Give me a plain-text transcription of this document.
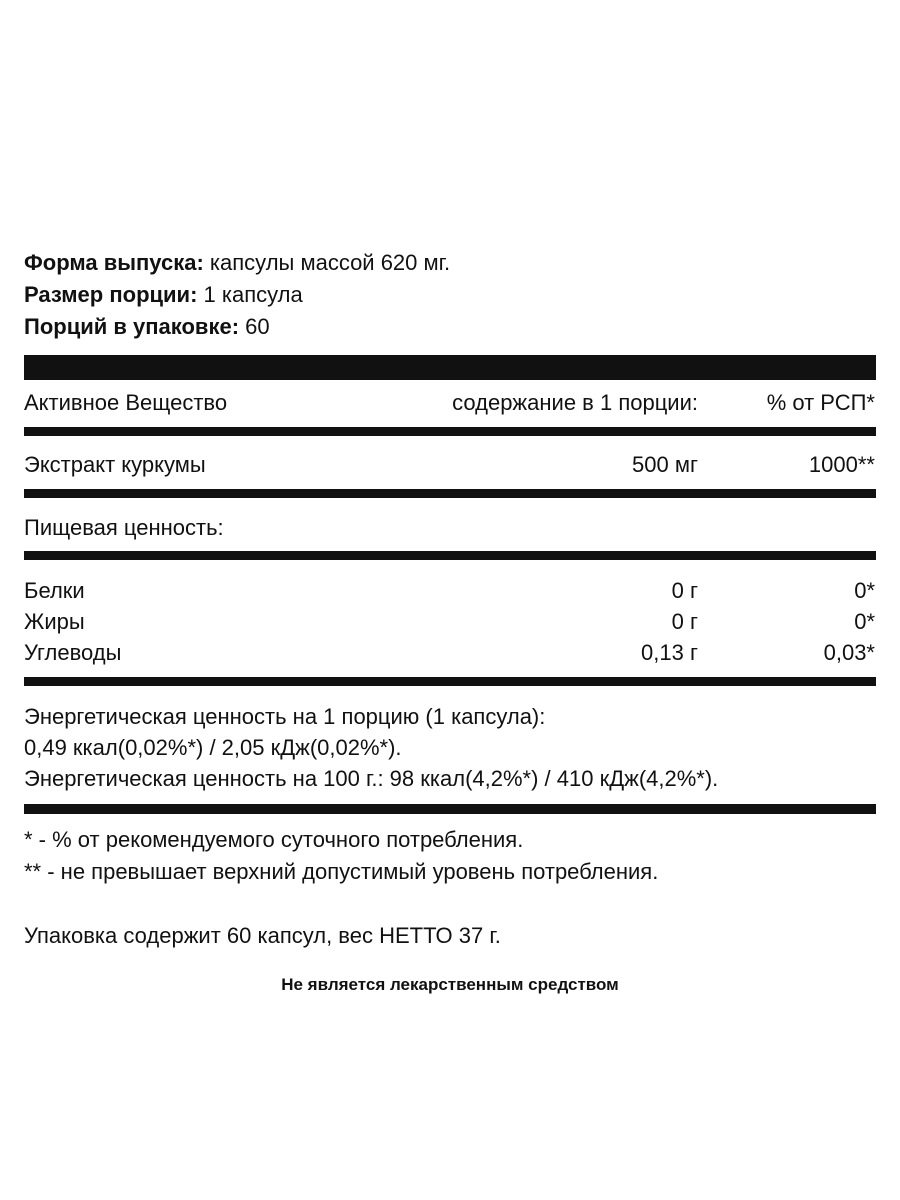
Форма выпуска: капсулы массой 620 мг.
Размер порции: 1 капсула
Порций в упаковке: 60
Активное Вещество	содержание в 1 порции:	% от РСП*
Экстракт куркумы	500 мг	1000**
Пищевая ценность:
Белки	0 г	0*
Жиры	0 г	0*
Углеводы	0,13 г	0,03*
Энергетическая ценность на 1 порцию (1 капсула):
0,49 ккал(0,02%*) / 2,05 кДж(0,02%*).
Энергетическая ценность на 100 г.: 98 ккал(4,2%*) / 410 кДж(4,2%*).
* - % от рекомендуемого суточного потребления.
** - не превышает верхний допустимый уровень потребления.
Упаковка содержит 60 капсул, вес НЕТТО 37 г.
Не является лекарственным средством
